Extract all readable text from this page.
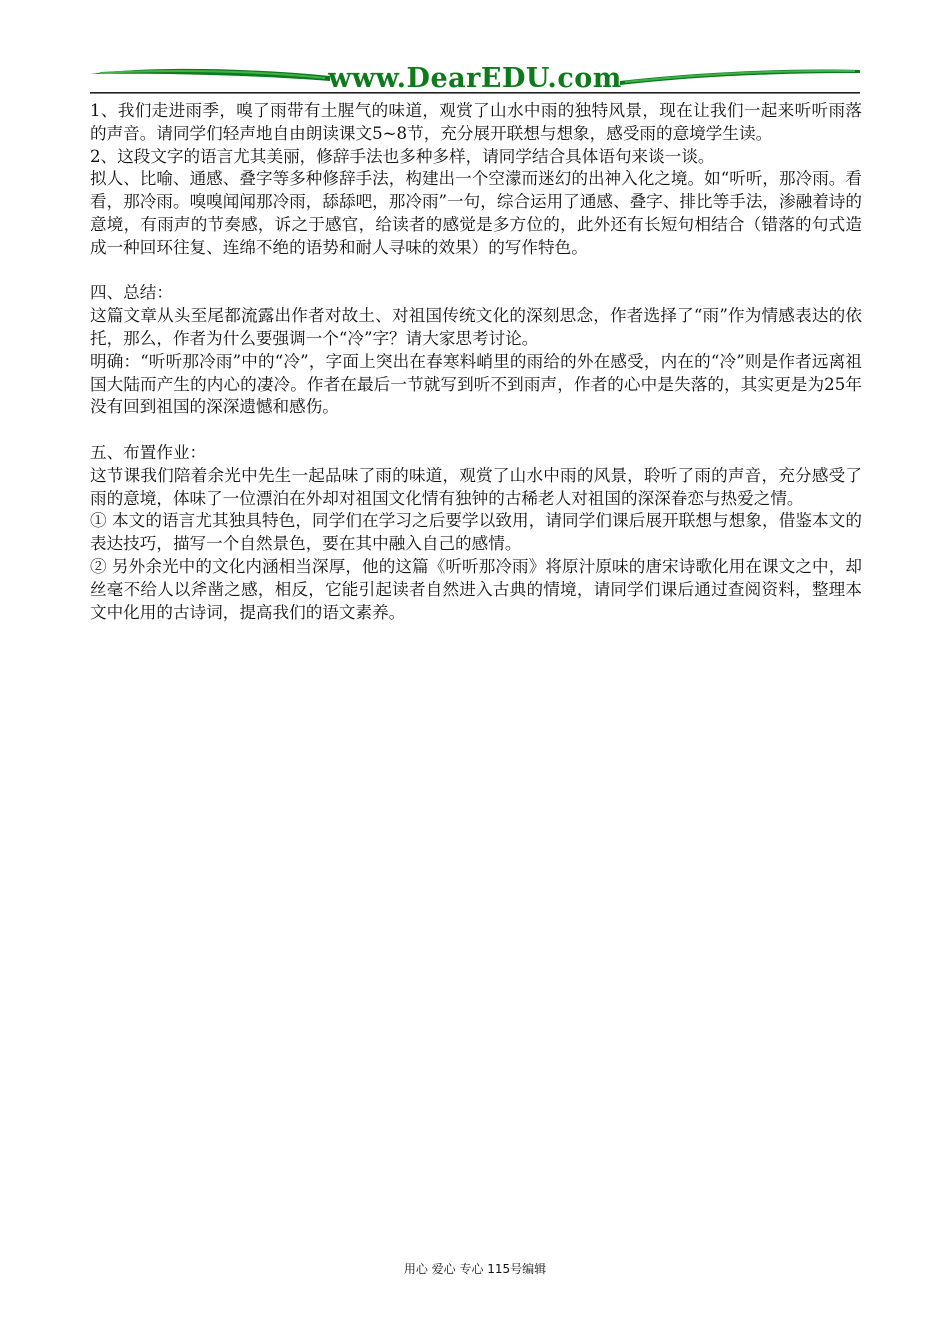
www.DearEDU.com

1、我们走进雨季，嗅了雨带有土腥气的味道，观赏了山水中雨的独特风景，现在让我们一起来听听雨落的声音。请同学们轻声地自由朗读课文5~8节，充分展开联想与想象，感受雨的意境学生读。

2、这段文字的语言尤其美丽，修辞手法也多种多样，请同学结合具体语句来谈一谈。

拟人、比喻、通感、叠字等多种修辞手法，构建出一个空濛而迷幻的出神入化之境。如“听听，那冷雨。看看，那冷雨。嗅嗅闻闻那冷雨，舔舔吧，那冷雨”一句，综合运用了通感、叠字、排比等手法，渗融着诗的意境，有雨声的节奏感，诉之于感官，给读者的感觉是多方位的，此外还有长短句相结合（错落的句式造成一种回环往复、连绵不绝的语势和耐人寻味的效果）的写作特色。

四、总结：

这篇文章从头至尾都流露出作者对故土、对祖国传统文化的深刻思念，作者选择了“雨”作为情感表达的依托，那么，作者为什么要强调一个“冷”字？请大家思考讨论。

明确：“听听那冷雨”中的“冷”，字面上突出在春寒料峭里的雨给的外在感受，内在的“冷”则是作者远离祖国大陆而产生的内心的凄冷。作者在最后一节就写到听不到雨声，作者的心中是失落的，其实更是为25年没有回到祖国的深深遗憾和感伤。

五、布置作业：

这节课我们陪着余光中先生一起品味了雨的味道，观赏了山水中雨的风景，聆听了雨的声音，充分感受了雨的意境，体味了一位漂泊在外却对祖国文化情有独钟的古稀老人对祖国的深深眷恋与热爱之情。

① 本文的语言尤其独具特色，同学们在学习之后要学以致用，请同学们课后展开联想与想象，借鉴本文的表达技巧，描写一个自然景色，要在其中融入自己的感情。

② 另外余光中的文化内涵相当深厚，他的这篇《听听那冷雨》将原汁原味的唐宋诗歌化用在课文之中，却丝毫不给人以斧凿之感，相反，它能引起读者自然进入古典的情境，请同学们课后通过查阅资料，整理本文中化用的古诗词，提高我们的语文素养。

用心 爱心 专心 115号编辑
